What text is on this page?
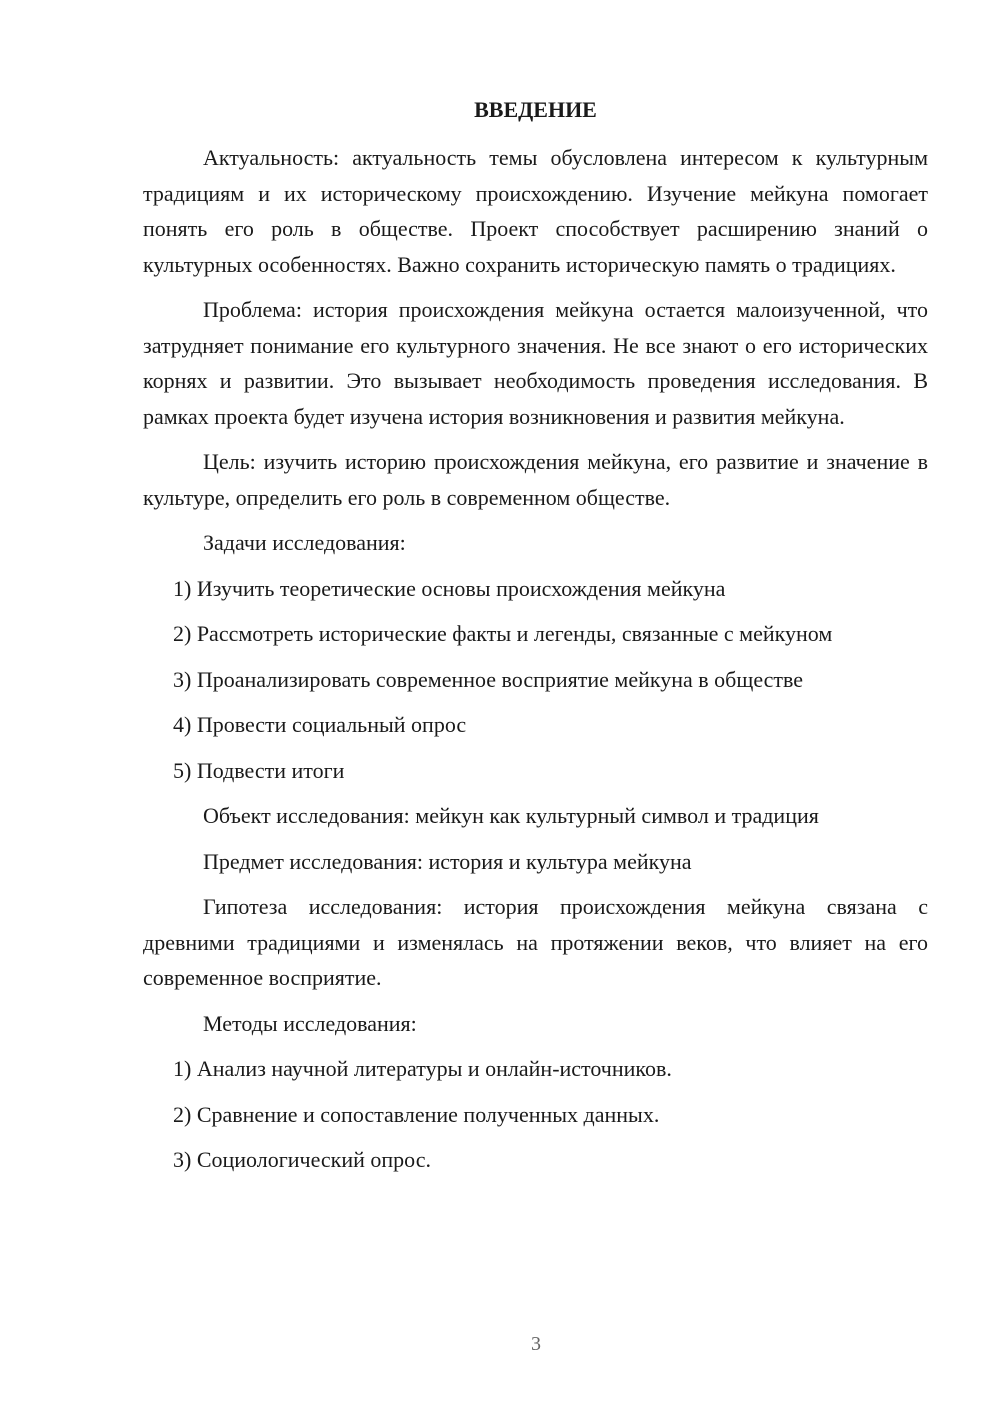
ВВЕДЕНИЕ

Актуальность: актуальность темы обусловлена интересом к культурным традициям и их историческому происхождению. Изучение мейкуна помогает понять его роль в обществе. Проект способствует расширению знаний о культурных особенностях. Важно сохранить историческую память о традициях.

Проблема: история происхождения мейкуна остается малоизученной, что затрудняет понимание его культурного значения. Не все знают о его исторических корнях и развитии. Это вызывает необходимость проведения исследования. В рамках проекта будет изучена история возникновения и развития мейкуна.

Цель: изучить историю происхождения мейкуна, его развитие и значение в культуре, определить его роль в современном обществе.

Задачи исследования:
1) Изучить теоретические основы происхождения мейкуна
2) Рассмотреть исторические факты и легенды, связанные с мейкуном
3) Проанализировать современное восприятие мейкуна в обществе
4) Провести социальный опрос
5) Подвести итоги
Объект исследования: мейкун как культурный символ и традиция
Предмет исследования: история и культура мейкуна

Гипотеза исследования: история происхождения мейкуна связана с древними традициями и изменялась на протяжении веков, что влияет на его современное восприятие.

Методы исследования:
1) Анализ научной литературы и онлайн-источников.
2) Сравнение и сопоставление полученных данных.
3) Социологический опрос.
3
